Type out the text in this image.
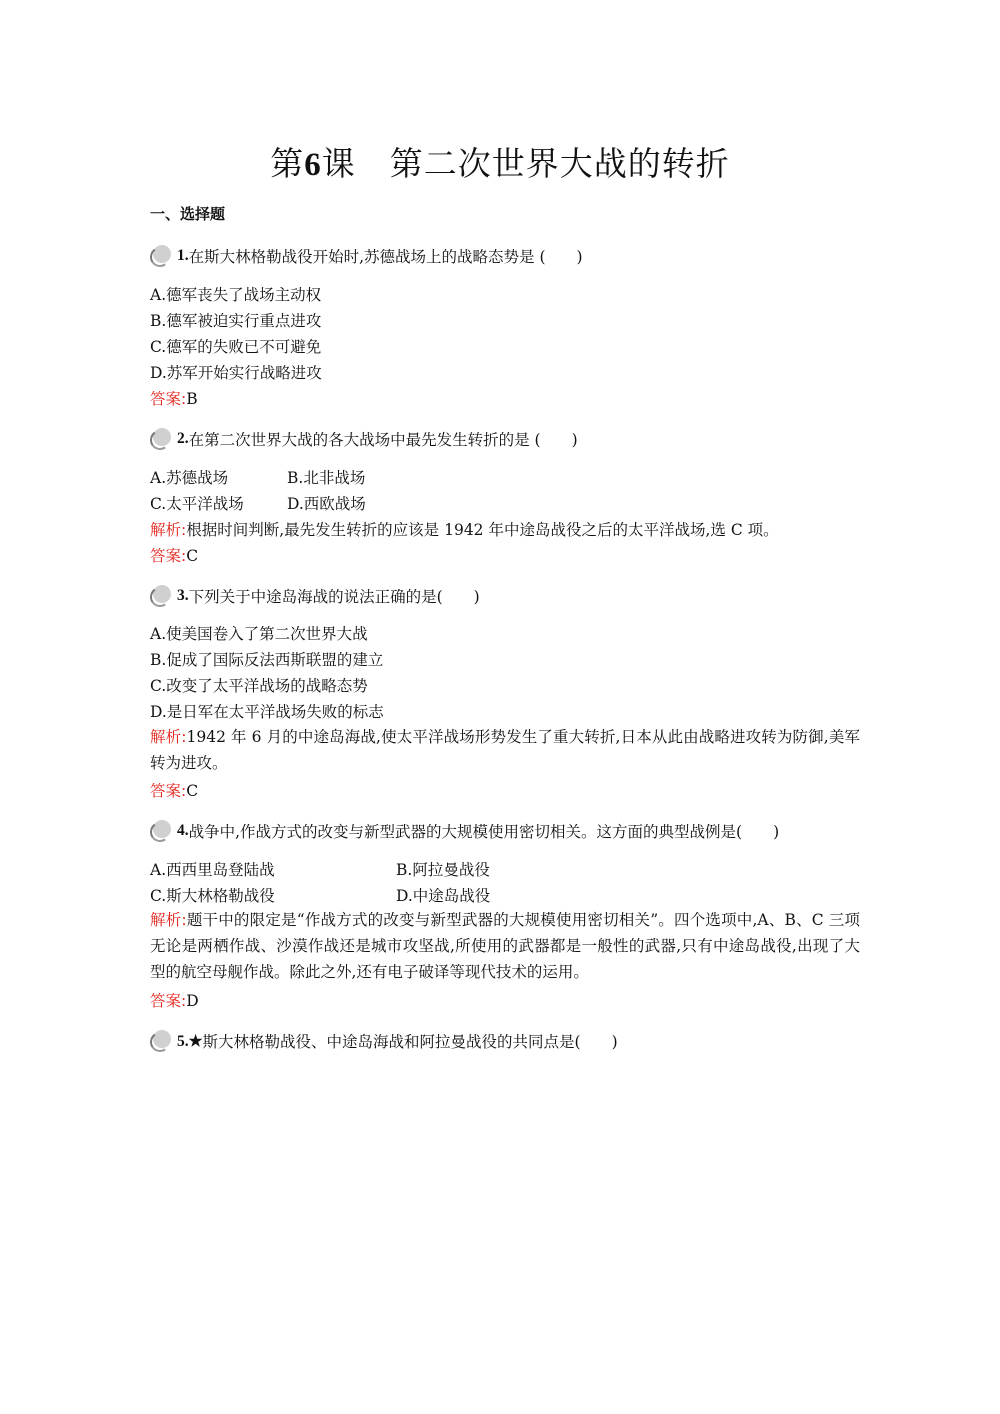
第6课　第二次世界大战的转折
一、选择题
1. 在斯大林格勒战役开始时,苏德战场上的战略态势是 (　　)
A.德军丧失了战场主动权
B.德军被迫实行重点进攻
C.德军的失败已不可避免
D.苏军开始实行战略进攻
答案:B
2. 在第二次世界大战的各大战场中最先发生转折的是 (　　)
A.苏德战场	B.北非战场
C.太平洋战场	D.西欧战场
解析:根据时间判断,最先发生转折的应该是 1942 年中途岛战役之后的太平洋战场,选 C 项。
答案:C
3. 下列关于中途岛海战的说法正确的是(　　)
A.使美国卷入了第二次世界大战
B.促成了国际反法西斯联盟的建立
C.改变了太平洋战场的战略态势
D.是日军在太平洋战场失败的标志
解析:1942 年 6 月的中途岛海战,使太平洋战场形势发生了重大转折,日本从此由战略进攻转为防御,美军转为进攻。
答案:C
4. 战争中,作战方式的改变与新型武器的大规模使用密切相关。这方面的典型战例是(　　)
A.西西里岛登陆战	B.阿拉曼战役
C.斯大林格勒战役	D.中途岛战役
解析:题干中的限定是“作战方式的改变与新型武器的大规模使用密切相关”。四个选项中,A、B、C 三项无论是两栖作战、沙漠作战还是城市攻坚战,所使用的武器都是一般性的武器,只有中途岛战役,出现了大型的航空母舰作战。除此之外,还有电子破译等现代技术的运用。
答案:D
5.★ 斯大林格勒战役、中途岛海战和阿拉曼战役的共同点是(　　)
